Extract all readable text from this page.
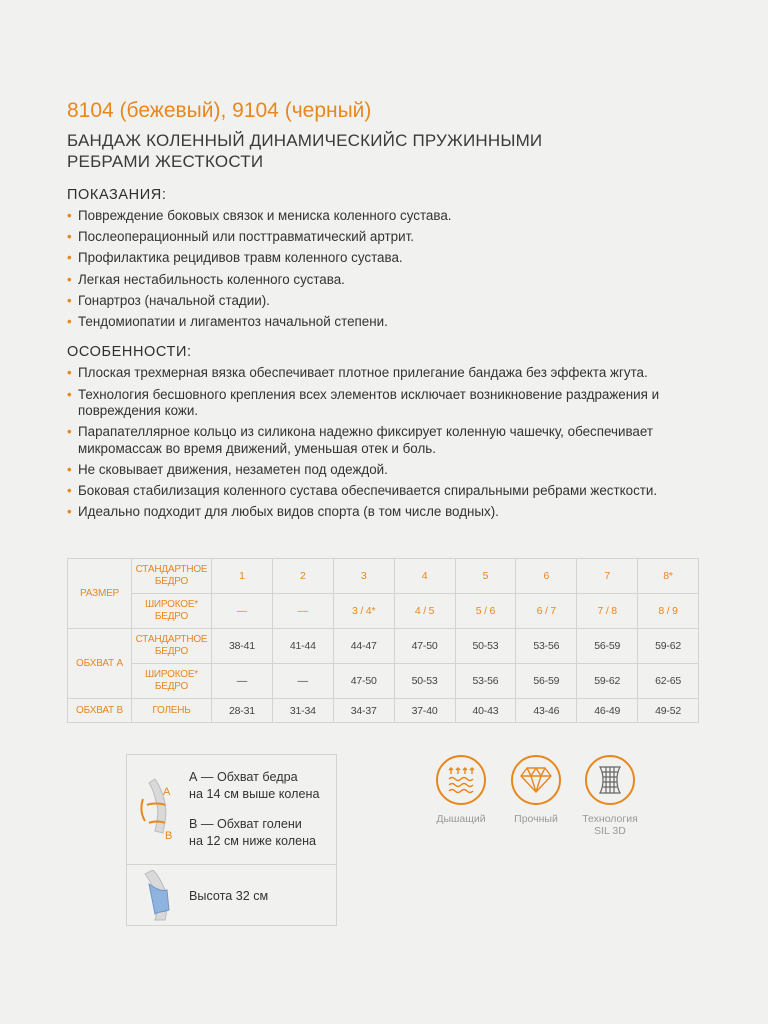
8104 (бежевый), 9104 (черный)
БАНДАЖ КОЛЕННЫЙ ДИНАМИЧЕСКИЙС ПРУЖИННЫМИ
РЕБРАМИ ЖЕСТКОСТИ
ПОКАЗАНИЯ:
• Повреждение боковых связок и мениска коленного сустава.
• Послеоперационный или посттравматический артрит.
• Профилактика рецидивов травм коленного сустава.
• Легкая нестабильность коленного сустава.
• Гонартроз (начальной стадии).
• Тендомиопатии и лигаментоз начальной степени.
ОСОБЕННОСТИ:
• Плоская трехмерная вязка обеспечивает плотное прилегание бандажа без эффекта жгута.
• Технология бесшовного крепления всех элементов исключает возникновение раздражения и повреждения кожи.
• Парапателлярное кольцо из силикона надежно фиксирует коленную чашечку, обеспечивает микромассаж во время движений, уменьшая отек и боль.
• Не сковывает движения, незаметен под одеждой.
• Боковая стабилизация коленного сустава обеспечивается спиральными ребрами жесткости.
• Идеально подходит для любых видов спорта (в том числе водных).
РАЗМЕР	СТАНДАРТНОЕ БЕДРО	1	2	3	4	5	6	7	8*
	ШИРОКОЕ* БЕДРО	—	—	3 / 4*	4 / 5	5 / 6	6 / 7	7 / 8	8 / 9
ОБХВАТ А	СТАНДАРТНОЕ БЕДРО	38-41	41-44	44-47	47-50	50-53	53-56	56-59	59-62
	ШИРОКОЕ* БЕДРО	—	—	47-50	50-53	53-56	56-59	59-62	62-65
ОБХВАТ B	ГОЛЕНЬ	28-31	31-34	34-37	37-40	40-43	43-46	46-49	49-52
A
B
А — Обхват бедра
на 14 см выше колена
В — Обхват голени
на 12 см ниже колена
Высота 32 см
Дышащий	Прочный	Технология
SIL 3D
